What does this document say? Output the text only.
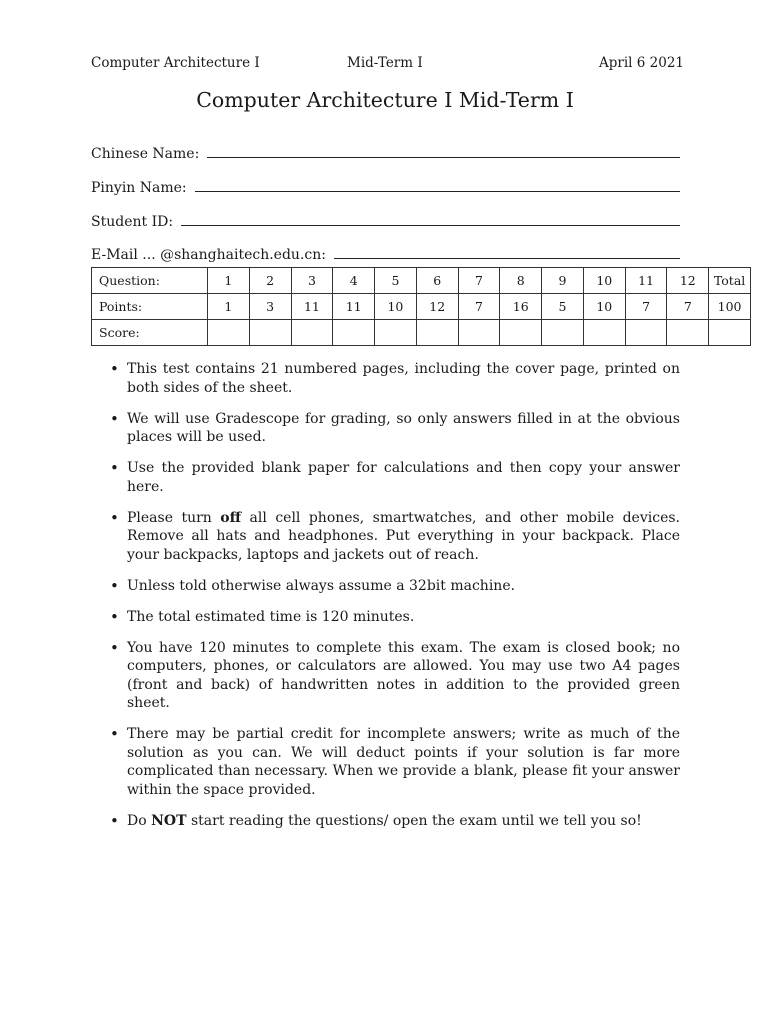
Computer Architecture I	Mid-Term I	April 6 2021
Computer Architecture I Mid-Term I
Chinese Name:
Pinyin Name:
Student ID:
E-Mail ... @shanghaitech.edu.cn:
Question:	1	2	3	4	5	6	7	8	9	10	11	12	Total
Points:	1	3	11	11	10	12	7	16	5	10	7	7	100
Score:													
• This test contains 21 numbered pages, including the cover page, printed on both sides of the sheet.
• We will use Gradescope for grading, so only answers filled in at the obvious places will be used.
• Use the provided blank paper for calculations and then copy your answer here.
• Please turn off all cell phones, smartwatches, and other mobile devices. Remove all hats and headphones. Put everything in your backpack. Place your backpacks, laptops and jackets out of reach.
• Unless told otherwise always assume a 32bit machine.
• The total estimated time is 120 minutes.
• You have 120 minutes to complete this exam. The exam is closed book; no computers, phones, or calculators are allowed. You may use two A4 pages (front and back) of handwritten notes in addition to the provided green sheet.
• There may be partial credit for incomplete answers; write as much of the solution as you can. We will deduct points if your solution is far more complicated than necessary. When we provide a blank, please fit your answer within the space provided.
• Do NOT start reading the questions/ open the exam until we tell you so!
